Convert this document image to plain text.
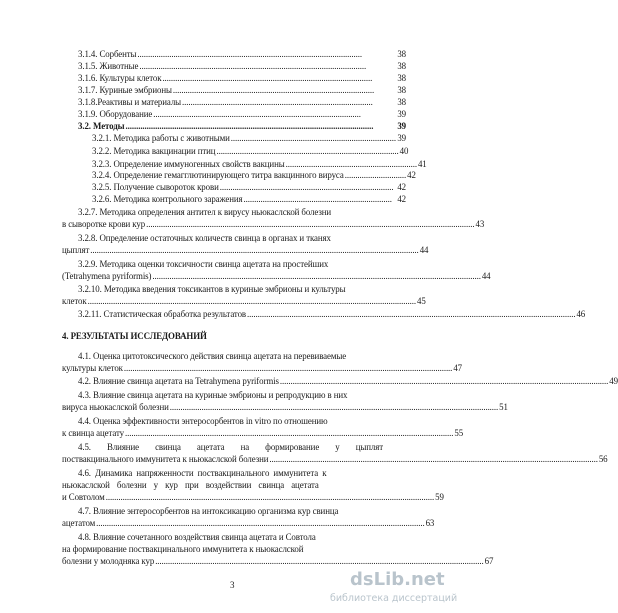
3.1.4. Сорбенты ..........................................................................................................	38
3.1.5. Животные ...........................................................................................................	38
3.1.6. Культуры клеток ...................................................................................................	38
3.1.7. Куриные эмбрионы ...............................................................................................	38
3.1.8.Реактивы и материалы ..........................................................................................	38
3.1.9. Оборудование ..................................................................................................	39
3.2. Методы .....................................................................................................................	39
3.2.1. Методика работы с животными .............................................................................. 39
3.2.2. Методика вакцинации птиц ...................................................................................... 40
3.2.3. Определение иммуногенных свойств вакцины .............................................................. 41
3.2.4. Определение гемагглютинирующего титра вакцинного вируса ............................. 42
3.2.5. Получение сывороток крови .................................................................................. 42
3.2.6. Методика контрольного заражения ...................................................................... 42
3.2.7. Методика определения антител к вирусу ньюкаслской болезни
в сыворотке крови кур ........................................................................................................................................................... 43
3.2.8. Определение остаточных количеств свинца в органах и тканях
цыплят ........................................................................................................................................................... 44
3.2.9. Методика оценки токсичности свинца ацетата на простейших
(Tetrahymena pyriformis) ........................................................................................................................................................... 44
3.2.10. Методика введения токсикантов в куриные эмбрионы и культуры
клеток ........................................................................................................................................................... 45
3.2.11. Статистическая обработка результатов ........................................................................................................................................................... 46
4. РЕЗУЛЬТАТЫ ИССЛЕДОВАНИЙ
4.1. Оценка цитотоксического действия свинца ацетата на перевиваемые
культуры клеток ........................................................................................................................................................... 47
4.2. Влияние свинца ацетата на Tetrahymena pyriformis ........................................................................................................................................................... 49
4.3. Влияние свинца ацетата на куриные эмбрионы и репродукцию в них
вируса ньюкаслской болезни ........................................................................................................................................................... 51
4.4. Оценка эффективности энтеросорбентов in vitro по отношению
к свинца ацетату ........................................................................................................................................................... 55
4.5. Влияние свинца ацетата на формирование у цыплят
поствакцинального иммунитета к ньюкаслской болезни ........................................................................................................................................................... 56
4.6. Динамика напряженности поствакцинального иммунитета к
ньюкаслской болезни у кур при воздействии свинца ацетата
и Совтолом ........................................................................................................................................................... 59
4.7. Влияние энтеросорбентов на интоксикацию организма кур свинца
ацетатом ........................................................................................................................................................... 63
4.8. Влияние сочетанного воздействия свинца ацетата и Совтола
на формирование поствакцинального иммунитета к ньюкаслской
болезни у молодняка кур ........................................................................................................................................................... 67
3	dsLib.net
библиотека диссертаций
